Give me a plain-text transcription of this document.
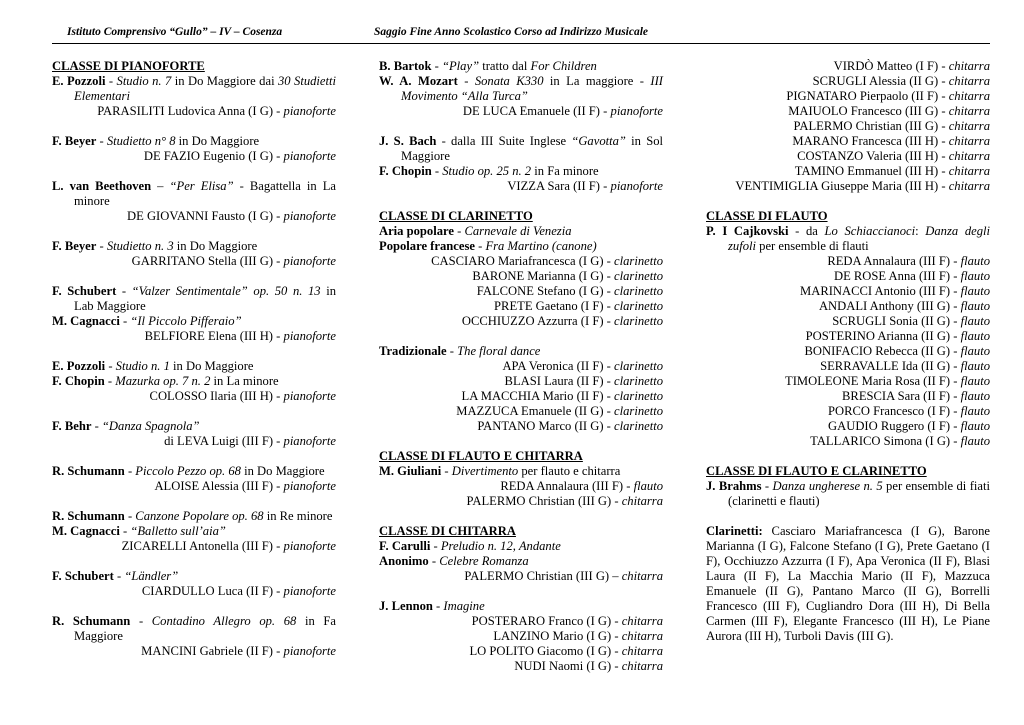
Istituto Comprensivo “Gullo” – IV – Cosenza	Saggio Fine Anno Scolastico Corso ad Indirizzo Musicale
CLASSE DI PIANOFORTE
E. Pozzoli - Studio n. 7 in Do Maggiore dai 30 Studietti Elementari
PARASILITI Ludovica Anna (I G) - pianoforte
F. Beyer - Studietto n° 8 in Do Maggiore
DE FAZIO Eugenio (I G) - pianoforte
L. van Beethoven – “Per Elisa” - Bagattella in La minore
DE GIOVANNI Fausto (I G) - pianoforte
F. Beyer - Studietto n. 3 in Do Maggiore
GARRITANO Stella (III G) - pianoforte
F. Schubert - “Valzer Sentimentale” op. 50 n. 13 in Lab Maggiore
M. Cagnacci - “Il Piccolo Pifferaio”
BELFIORE Elena (III H) - pianoforte
E. Pozzoli - Studio n. 1 in Do Maggiore
F. Chopin - Mazurka op. 7 n. 2 in La minore
COLOSSO Ilaria (III H) - pianoforte
F. Behr - “Danza Spagnola”
di LEVA Luigi (III F) - pianoforte
R. Schumann - Piccolo Pezzo op. 68 in Do Maggiore
ALOISE Alessia (III F) - pianoforte
R. Schumann - Canzone Popolare op. 68 in Re minore
M. Cagnacci - “Balletto sull’aia”
ZICARELLI Antonella (III F) - pianoforte
F. Schubert - “Ländler”
CIARDULLO Luca (II F) - pianoforte
R. Schumann - Contadino Allegro op. 68 in Fa Maggiore
MANCINI Gabriele (II F) - pianoforte
B. Bartok - “Play” tratto dal For Children
W. A. Mozart - Sonata K330 in La maggiore - III Movimento “Alla Turca”
DE LUCA Emanuele (II F) - pianoforte
J. S. Bach - dalla III Suite Inglese “Gavotta” in Sol Maggiore
F. Chopin - Studio op. 25 n. 2 in Fa minore
VIZZA Sara (II F) - pianoforte
CLASSE DI CLARINETTO
Aria popolare - Carnevale di Venezia
Popolare francese - Fra Martino (canone)
CASCIARO Mariafrancesca (I G) - clarinetto
BARONE Marianna (I G) - clarinetto
FALCONE Stefano (I G) - clarinetto
PRETE Gaetano (I F) - clarinetto
OCCHIUZZO Azzurra (I F) - clarinetto
Tradizionale - The floral dance
APA Veronica (II F) - clarinetto
BLASI Laura (II F) - clarinetto
LA MACCHIA Mario (II F) - clarinetto
MAZZUCA Emanuele (II G) - clarinetto
PANTANO Marco (II G) - clarinetto
CLASSE DI FLAUTO E CHITARRA
M. Giuliani - Divertimento per flauto e chitarra
REDA Annalaura (III F) - flauto
PALERMO Christian (III G) - chitarra
CLASSE DI CHITARRA
F. Carulli - Preludio n. 12, Andante
Anonimo - Celebre Romanza
PALERMO Christian (III G) – chitarra
J. Lennon - Imagine
POSTERARO Franco (I G) - chitarra
LANZINO Mario (I G) - chitarra
LO POLITO Giacomo (I G) - chitarra
NUDI Naomi (I G) - chitarra
VIRDÒ Matteo (I F) - chitarra
SCRUGLI Alessia (II G) - chitarra
PIGNATARO Pierpaolo (II F) - chitarra
MAIUOLO Francesco (III G) - chitarra
PALERMO Christian (III G) - chitarra
MARANO Francesca (III H) - chitarra
COSTANZO Valeria (III H) - chitarra
TAMINO Emmanuel (III H) - chitarra
VENTIMIGLIA Giuseppe Maria (III H) - chitarra
CLASSE DI FLAUTO
P. I Cajkovski - da Lo Schiaccianoci: Danza degli zufoli per ensemble di flauti
REDA Annalaura (III F) - flauto
DE ROSE Anna (III F) - flauto
MARINACCI Antonio (III F) - flauto
ANDALI Anthony (III G) - flauto
SCRUGLI Sonia (II G) - flauto
POSTERINO Arianna (II G) - flauto
BONIFACIO Rebecca (II G) - flauto
SERRAVALLE Ida (II G) - flauto
TIMOLEONE Maria Rosa (II F) - flauto
BRESCIA Sara (II F) - flauto
PORCO Francesco (I F) - flauto
GAUDIO Ruggero (I F) - flauto
TALLARICO Simona (I G) - flauto
CLASSE DI FLAUTO E CLARINETTO
J. Brahms - Danza ungherese n. 5 per ensemble di fiati (clarinetti e flauti)
Clarinetti: Casciaro Mariafrancesca (I G), Barone Marianna (I G), Falcone Stefano (I G), Prete Gaetano (I F), Occhiuzzo Azzurra (I F), Apa Veronica (II F), Blasi Laura (II F), La Macchia Mario (II F), Mazzuca Emanuele (II G), Pantano Marco (II G), Borrelli Francesco (III F), Cugliandro Dora (III H), Di Bella Carmen (III F), Elegante Francesco (III H), Le Piane Aurora (III H), Turboli Davis (III G).
